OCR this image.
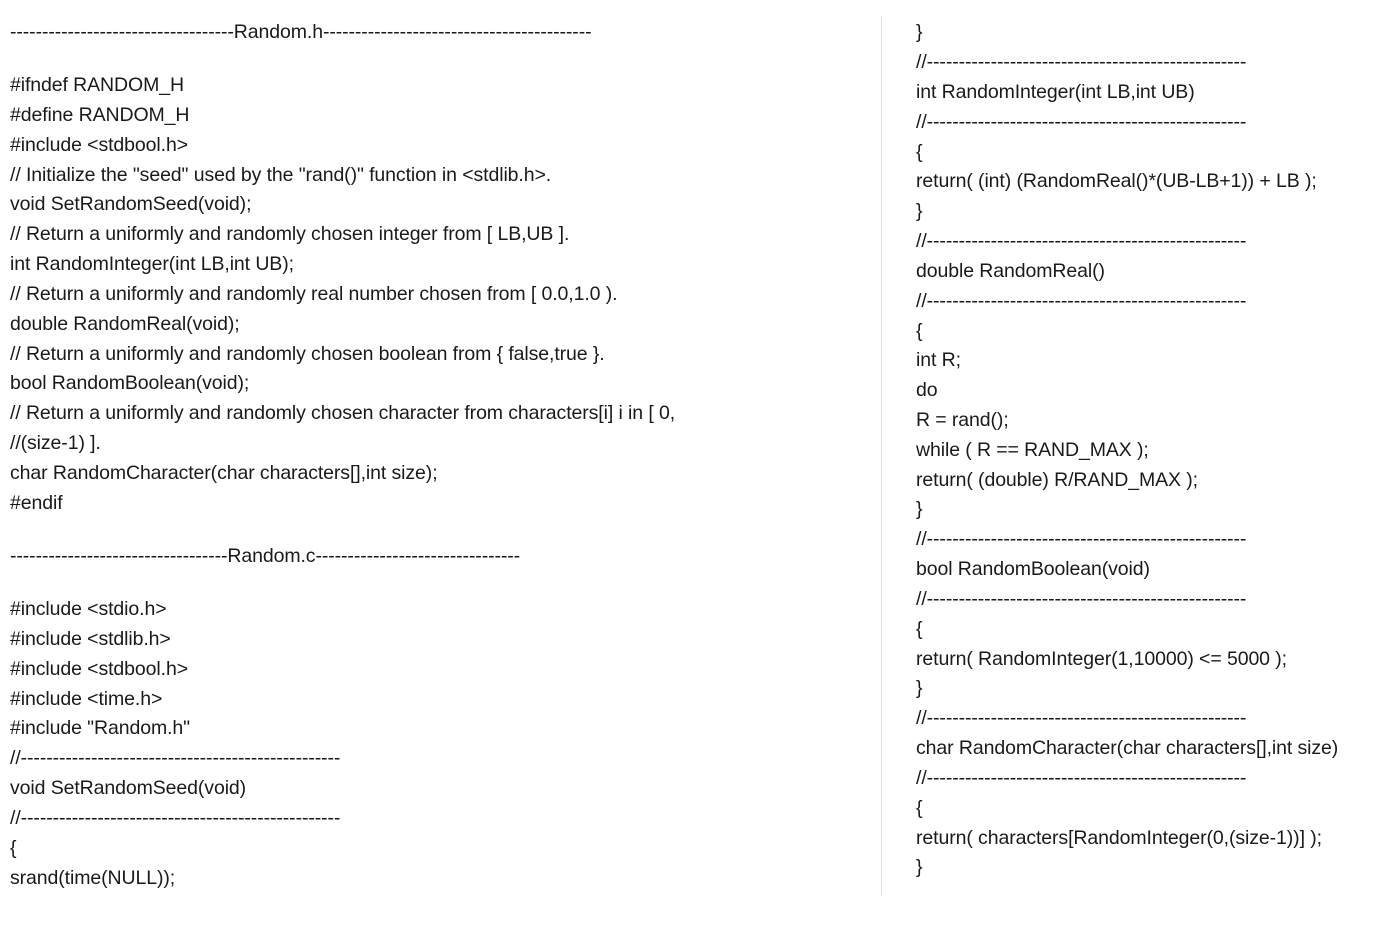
-----------------------------------Random.h------------------------------------------
#ifndef RANDOM_H
#define RANDOM_H
#include <stdbool.h>
// Initialize the "seed" used by the "rand()" function in <stdlib.h>.
void SetRandomSeed(void);
// Return a uniformly and randomly chosen integer from [ LB,UB ].
int RandomInteger(int LB,int UB);
// Return a uniformly and randomly real number chosen from [ 0.0,1.0 ).
double RandomReal(void);
// Return a uniformly and randomly chosen boolean from { false,true }.
bool RandomBoolean(void);
// Return a uniformly and randomly chosen character from characters[i] i in [ 0,
//(size-1) ].
char RandomCharacter(char characters[],int size);
#endif
----------------------------------Random.c--------------------------------
#include <stdio.h>
#include <stdlib.h>
#include <stdbool.h>
#include <time.h>
#include "Random.h"
//--------------------------------------------------
void SetRandomSeed(void)
//--------------------------------------------------
{
srand(time(NULL));
}
//--------------------------------------------------
int RandomInteger(int LB,int UB)
//--------------------------------------------------
{
return( (int) (RandomReal()*(UB-LB+1)) + LB );
}
//--------------------------------------------------
double RandomReal()
//--------------------------------------------------
{
int R;
do
R = rand();
while ( R == RAND_MAX );
return( (double) R/RAND_MAX );
}
//--------------------------------------------------
bool RandomBoolean(void)
//--------------------------------------------------
{
return( RandomInteger(1,10000) <= 5000 );
}
//--------------------------------------------------
char RandomCharacter(char characters[],int size)
//--------------------------------------------------
{
return( characters[RandomInteger(0,(size-1))] );
}
